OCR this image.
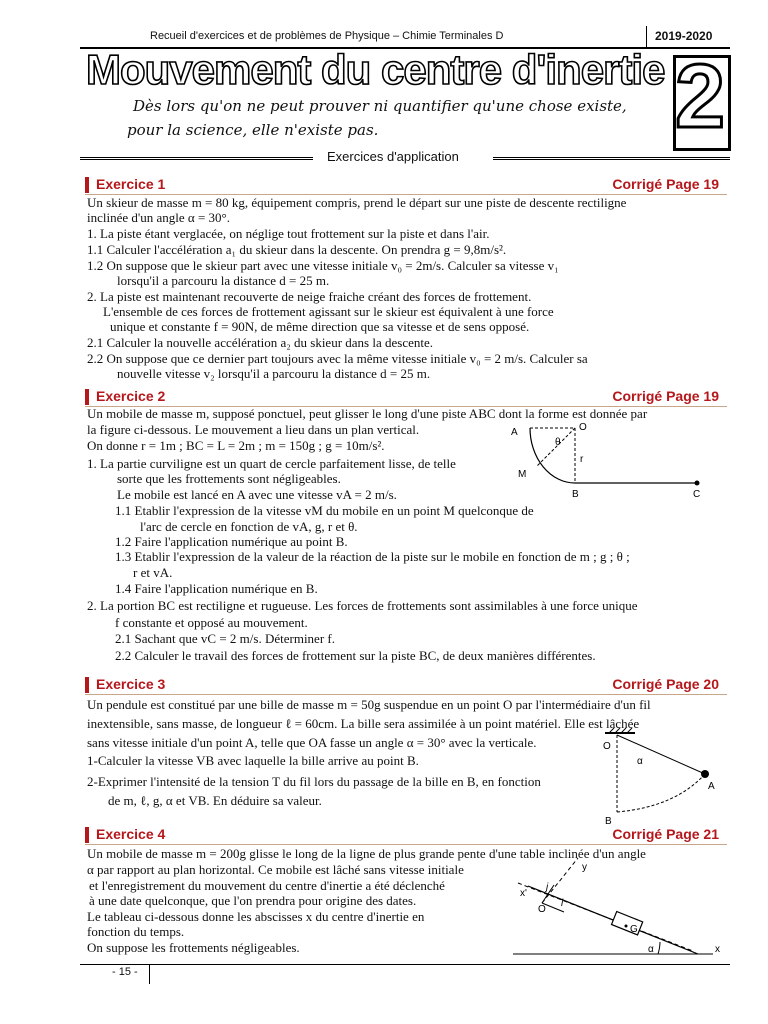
Recueil d'exercices et de problèmes de Physique – Chimie Terminales D	2019-2020
Mouvement du centre d'inertie 2
Dès lors qu'on ne peut prouver ni quantifier qu'une chose existe,
pour la science, elle n'existe pas.
Exercices d'application
Exercice 1	Corrigé Page 19
Un skieur de masse m = 80 kg, équipement compris, prend le départ sur une piste de descente rectiligne
inclinée d'un angle α = 30°.
1. La piste étant verglacée, on néglige tout frottement sur la piste et dans l'air.
1.1 Calculer l'accélération a₁ du skieur dans la descente. On prendra g = 9,8m/s².
1.2 On suppose que le skieur part avec une vitesse initiale v₀ = 2m/s. Calculer sa vitesse v₁
lorsqu'il a parcouru la distance d = 25 m.
2. La piste est maintenant recouverte de neige fraiche créant des forces de frottement.
L'ensemble de ces forces de frottement agissant sur le skieur est équivalent à une force
unique et constante f = 90N, de même direction que sa vitesse et de sens opposé.
2.1 Calculer la nouvelle accélération a₂ du skieur dans la descente.
2.2 On suppose que ce dernier part toujours avec la même vitesse initiale v₀ = 2 m/s. Calculer sa
nouvelle vitesse v₂ lorsqu'il a parcouru la distance d = 25 m.
Exercice 2	Corrigé Page 19
Un mobile de masse m, supposé ponctuel, peut glisser le long d'une piste ABC dont la forme est donnée par
la figure ci-dessous. Le mouvement a lieu dans un plan vertical.
On donne r = 1m ; BC = L = 2m ; m = 150g ; g = 10m/s².
1. La partie curviligne est un quart de cercle parfaitement lisse, de telle
sorte que les frottements sont négligeables.
Le mobile est lancé en A avec une vitesse vA = 2 m/s.
1.1 Etablir l'expression de la vitesse vM du mobile en un point M quelconque de
l'arc de cercle en fonction de vA, g, r et θ.
1.2 Faire l'application numérique au point B.
1.3 Etablir l'expression de la valeur de la réaction de la piste sur le mobile en fonction de m ; g ; θ ;
r et vA.
1.4 Faire l'application numérique en B.
2. La portion BC est rectiligne et rugueuse. Les forces de frottements sont assimilables à une force unique
f constante et opposé au mouvement.
2.1 Sachant que vC = 2 m/s. Déterminer f.
2.2 Calculer le travail des forces de frottement sur la piste BC, de deux manières différentes.
A	O
θ
r
M
B	C
Exercice 3	Corrigé Page 20
Un pendule est constitué par une bille de masse m = 50g suspendue en un point O par l'intermédiaire d'un fil
inextensible, sans masse, de longueur ℓ = 60cm. La bille sera assimilée à un point matériel. Elle est lâchée
sans vitesse initiale d'un point A, telle que OA fasse un angle α = 30° avec la verticale.
1-Calculer la vitesse VB avec laquelle la bille arrive au point B.
2-Exprimer l'intensité de la tension T du fil lors du passage de la bille en B, en fonction
de m, ℓ, g, α et VB. En déduire sa valeur.
O
α
A
B
Exercice 4	Corrigé Page 21
Un mobile de masse m = 200g glisse le long de la ligne de plus grande pente d'une table inclinée d'un angle
α par rapport au plan horizontal. Ce mobile est lâché sans vitesse initiale
et l'enregistrement du mouvement du centre d'inertie a été déclenché
à une date quelconque, que l'on prendra pour origine des dates.
Le tableau ci-dessous donne les abscisses x du centre d'inertie en
fonction du temps.
On suppose les frottements négligeables.
y
x'
j
i
O
G
α	x
- 15 -
